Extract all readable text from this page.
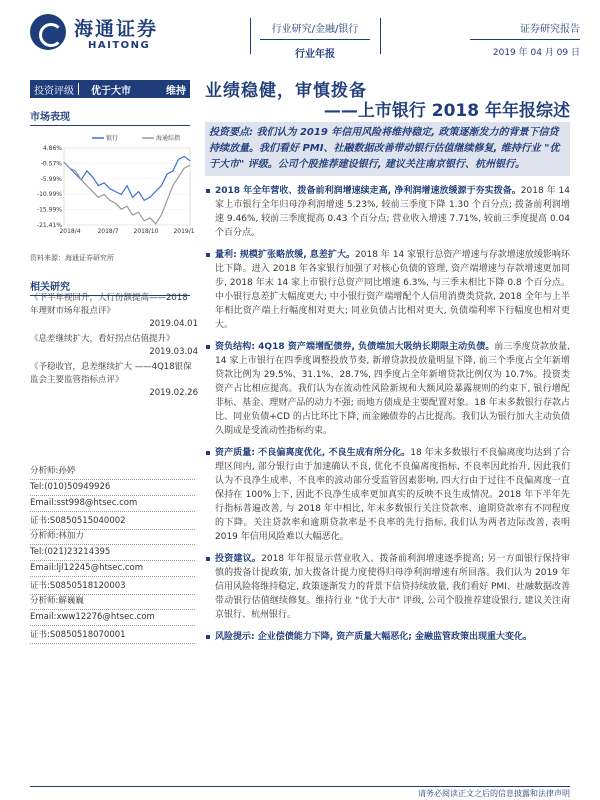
海通证券
HAITONG
行业研究/金融/银行
行业年报
证券研究报告
2019 年 04 月 09 日
投资评级	优于大市	维持 业绩稳健，审慎拨备
——上市银行 2018 年年报综述
市场表现
4.86%
-0.57%
-5.99%
-10.99%
-15.99%
-21.41%
2018/4	2018/7 2018/10 2019/1
银行	海通综指
资料来源：海通证券研究所
相关研究
《下半年视回升，大行份额提高——2018 年理财市场年报点评》
2019.04.01
《息差继续扩大，看好拐点估值提升》
2019.03.04
《予稳收官，息差继续扩大 ——4Q18银保监会主要监管指标点评》
2019.02.26
分析师:孙婷
Tel:(010)50949926
Email:sst998@htsec.com
证书:S0850515040002
分析师:林加力
Tel:(021)23214395
Email:ljl12245@htsec.com
证书:S0850518120003
分析师:解巍巍
Email:xww12276@htsec.com
证书:S0850518070001
投资要点: 我们认为 2019 年信用风险将维持稳定, 政策逐渐发力的背景下信贷持续放量。我们看好 PMI、社融数据改善带动银行估值继续修复, 维持行业 "优于大市" 评级。公司个股推荐建设银行, 建议关注南京银行、杭州银行。
2018 年全年营收、拨备前利润增速续走高, 净利润增速放缓源于夯实拨备。2018 年 14 家上市银行全年归母净利润增速 5.23%, 较前三季度下降 1.30 个百分点; 拨备前利润增速 9.46%, 较前三季度提高 0.43 个百分点; 营业收入增速 7.71%, 较前三季度提高 0.04 个百分点。
量利: 规模扩张略放缓, 息差扩大。2018 年 14 家银行总资产增速与存款增速放缓影响环比下降。进入 2018 年各家银行加强了对核心负债的管理, 资产端增速与存款增速更加同步, 2018 年末 14 家上市银行总资产同比增速 6.3%, 与三季末相比下降 0.8 个百分点。中小银行息差扩大幅度更大; 中小银行资产端增配个人信用消费类贷款, 2018 全年与上半年相比资产端上行幅度相对更大; 同业负债占比相对更大, 负债端利率下行幅度也相对更大。
资负结构: 4Q18 资产端增配债券, 负债端加大吸纳长期限主动负债。前三季度贷款放量, 14 家上市银行在四季度调整投放节奏, 新增贷款投放量明显下降, 前三个季度占全年新增贷款比例为 29.5%、31.1%、28.7%, 四季度占全年新增贷款比例仅为 10.7%。投资类资产占比相应提高。我们认为在流动性风险新规和大额风险暴露规则的约束下, 银行增配非标、基金、理财产品的动力不强; 而地方债成是主要配置对象。18 年末多数银行存款占比、同业负债+CD 的占比环比下降, 而金融债券的占比提高。我们认为银行加大主动负债久期成是受流动性指标约束。
资产质量: 不良偏离度优化, 不良生成有所分化。18 年末多数银行不良偏离度均达到了合理区间内, 部分银行由于加速确认不良, 优化不良偏离度指标, 不良率因此抬升, 因此我们认为不良净生成率、不良率的波动部分受监管因素影响, 四大行由于过往不良偏离度一直保持在 100%上下, 因此不良净生成率更加真实的反映不良生成情况。2018 年下半年先行指标普遍改善, 与 2018 年中相比, 年末多数银行关注贷款率、逾期贷款率有不同程度的下降。关注贷款率和逾期贷款率是不良率的先行指标, 我们认为两者边际改善, 表明 2019 年信用风险难以大幅恶化。
投资建议。2018 年年报显示营业收入、拨备前利润增速逐季提高; 另一方面银行保持审慎的拨备计提政策, 加大拨备计提力度使得归母净利润增速有所回落。我们认为 2019 年信用风险将维持稳定, 政策逐渐发力的背景下信贷持续放量, 我们看好 PMI、社融数据改善带动银行估值继续修复。维持行业 "优于大市" 评级, 公司个股推荐建设银行, 建议关注南京银行、杭州银行。
风险提示: 企业偿债能力下降, 资产质量大幅恶化; 金融监管政策出现重大变化。
请务必阅读正文之后的信息披露和法律声明
